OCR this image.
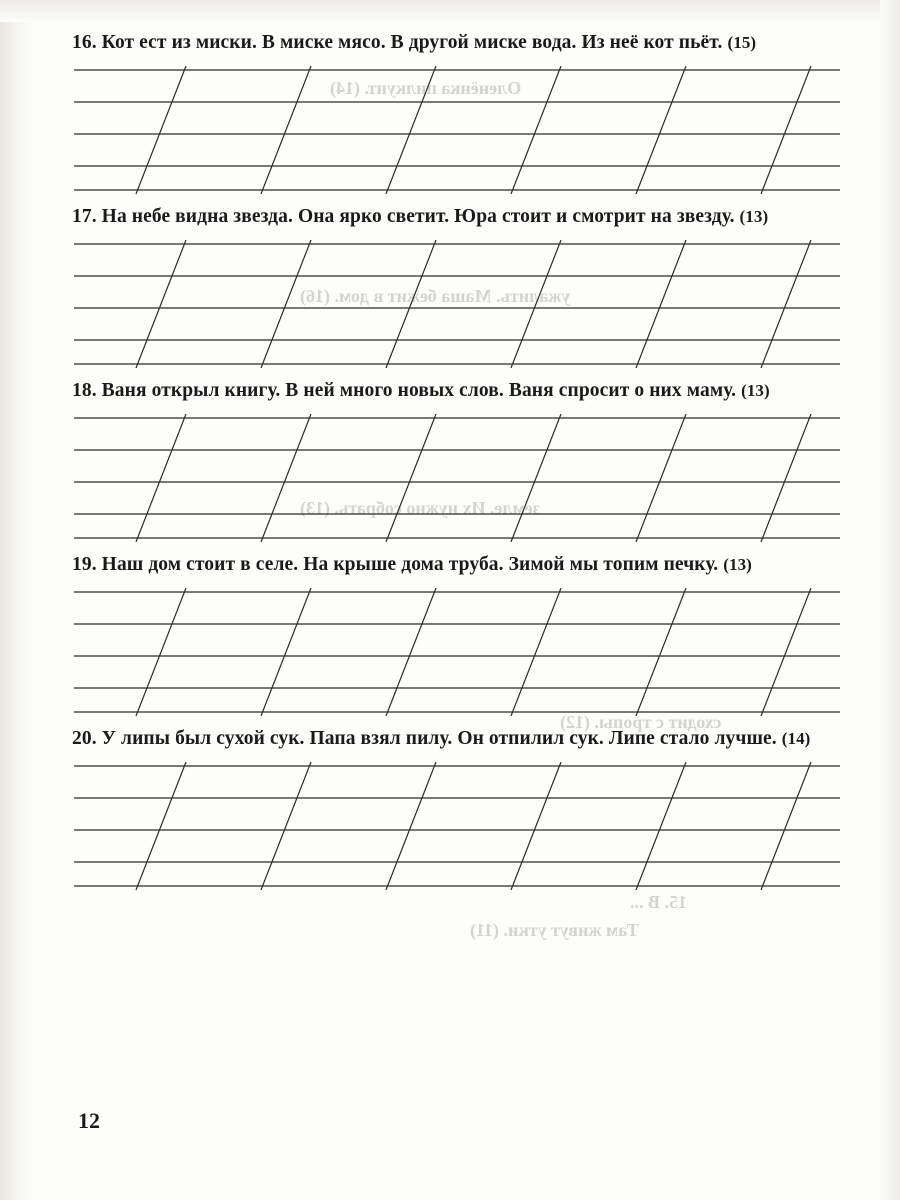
Оленёнка пилкунт. (14)
ужалить. Маша бежит в дом. (16)
земле. Их нужно собрать. (13)
сходит с тропы. (12)
15. В ...
Там живут утки. (11)

16. Кот ест из миски. В миске мясо. В другой миске вода. Из неё кот пьёт. (15)

17. На небе видна звезда. Она ярко светит. Юра стоит и смотрит на звезду. (13)

18. Ваня открыл книгу. В ней много новых слов. Ваня спросит о них маму. (13)

19. Наш дом стоит в селе. На крыше дома труба. Зимой мы топим печку. (13)

20. У липы был сухой сук. Папа взял пилу. Он отпилил сук. Липе стало лучше. (14)

12
